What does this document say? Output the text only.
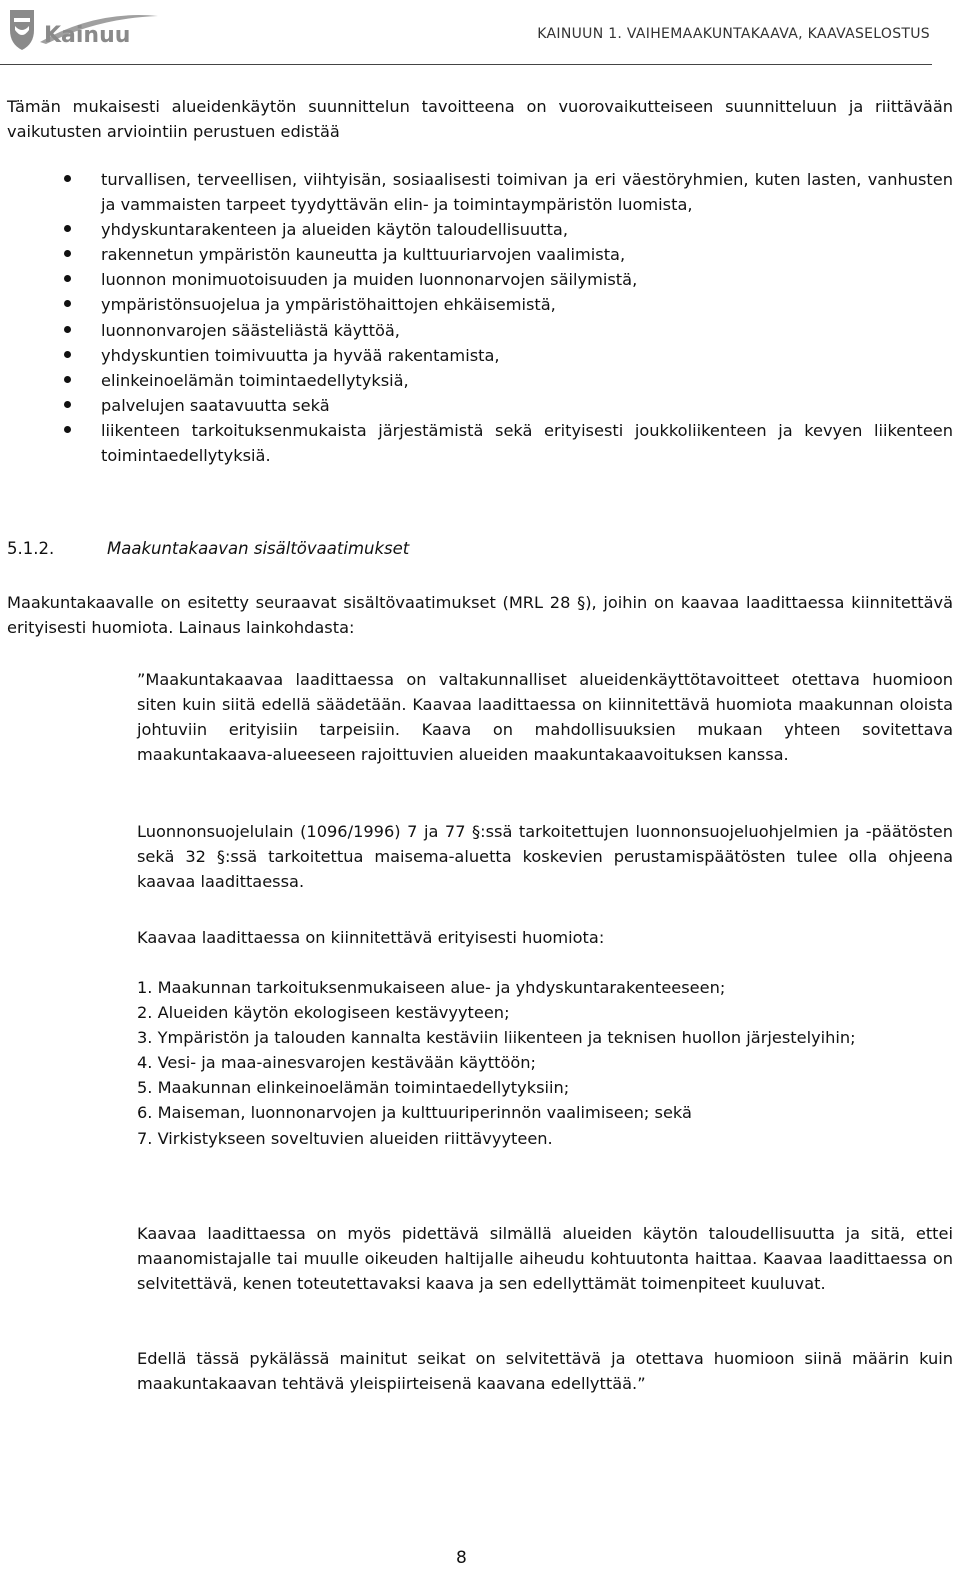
Kainuu	KAINUUN 1. VAIHEMAAKUNTAKAAVA, KAAVASELOSTUS
Tämän mukaisesti alueidenkäytön suunnittelun tavoitteena on vuorovaikutteiseen suunnitteluun ja riittävään vaikutusten arviointiin perustuen edistää
turvallisen, terveellisen, viihtyisän, sosiaalisesti toimivan ja eri väestöryhmien, kuten lasten, vanhusten ja vammaisten tarpeet tyydyttävän elin- ja toimintaympäristön luomista,
yhdyskuntarakenteen ja alueiden käytön taloudellisuutta,
rakennetun ympäristön kauneutta ja kulttuuriarvojen vaalimista,
luonnon monimuotoisuuden ja muiden luonnonarvojen säilymistä,
ympäristönsuojelua ja ympäristöhaittojen ehkäisemistä,
luonnonvarojen säästeliästä käyttöä,
yhdyskuntien toimivuutta ja hyvää rakentamista,
elinkeinoelämän toimintaedellytyksiä,
palvelujen saatavuutta sekä
liikenteen tarkoituksenmukaista järjestämistä sekä erityisesti joukkoliikenteen ja kevyen liikenteen toimintaedellytyksiä.
5.1.2.	Maakuntakaavan sisältövaatimukset
Maakuntakaavalle on esitetty seuraavat sisältövaatimukset (MRL 28 §), joihin on kaavaa laadittaessa kiinnitettävä erityisesti huomiota. Lainaus lainkohdasta:
”Maakuntakaavaa laadittaessa on valtakunnalliset alueidenkäyttötavoitteet otettava huomioon siten kuin siitä edellä säädetään. Kaavaa laadittaessa on kiinnitettävä huomiota maakunnan oloista johtuviin erityisiin tarpeisiin. Kaava on mahdollisuuksien mukaan yhteen sovitettava maakuntakaava-alueeseen rajoittuvien alueiden maakuntakaavoituksen kanssa.
Luonnonsuojelulain (1096/1996) 7 ja 77 §:ssä tarkoitettujen luonnonsuojeluohjelmien ja -päätösten sekä 32 §:ssä tarkoitettua maisema-aluetta koskevien perustamispäätösten tulee olla ohjeena kaavaa laadittaessa.
Kaavaa laadittaessa on kiinnitettävä erityisesti huomiota:
1. Maakunnan tarkoituksenmukaiseen alue- ja yhdyskuntarakenteeseen;
2. Alueiden käytön ekologiseen kestävyyteen;
3. Ympäristön ja talouden kannalta kestäviin liikenteen ja teknisen huollon järjestelyihin;
4. Vesi- ja maa-ainesvarojen kestävään käyttöön;
5. Maakunnan elinkeinoelämän toimintaedellytyksiin;
6. Maiseman, luonnonarvojen ja kulttuuriperinnön vaalimiseen; sekä
7. Virkistykseen soveltuvien alueiden riittävyyteen.
Kaavaa laadittaessa on myös pidettävä silmällä alueiden käytön taloudellisuutta ja sitä, ettei maanomistajalle tai muulle oikeuden haltijalle aiheudu kohtuutonta haittaa. Kaavaa laadittaessa on selvitettävä, kenen toteutettavaksi kaava ja sen edellyttämät toimenpiteet kuuluvat.
Edellä tässä pykälässä mainitut seikat on selvitettävä ja otettava huomioon siinä määrin kuin maakuntakaavan tehtävä yleispiirteisenä kaavana edellyttää.”
8
